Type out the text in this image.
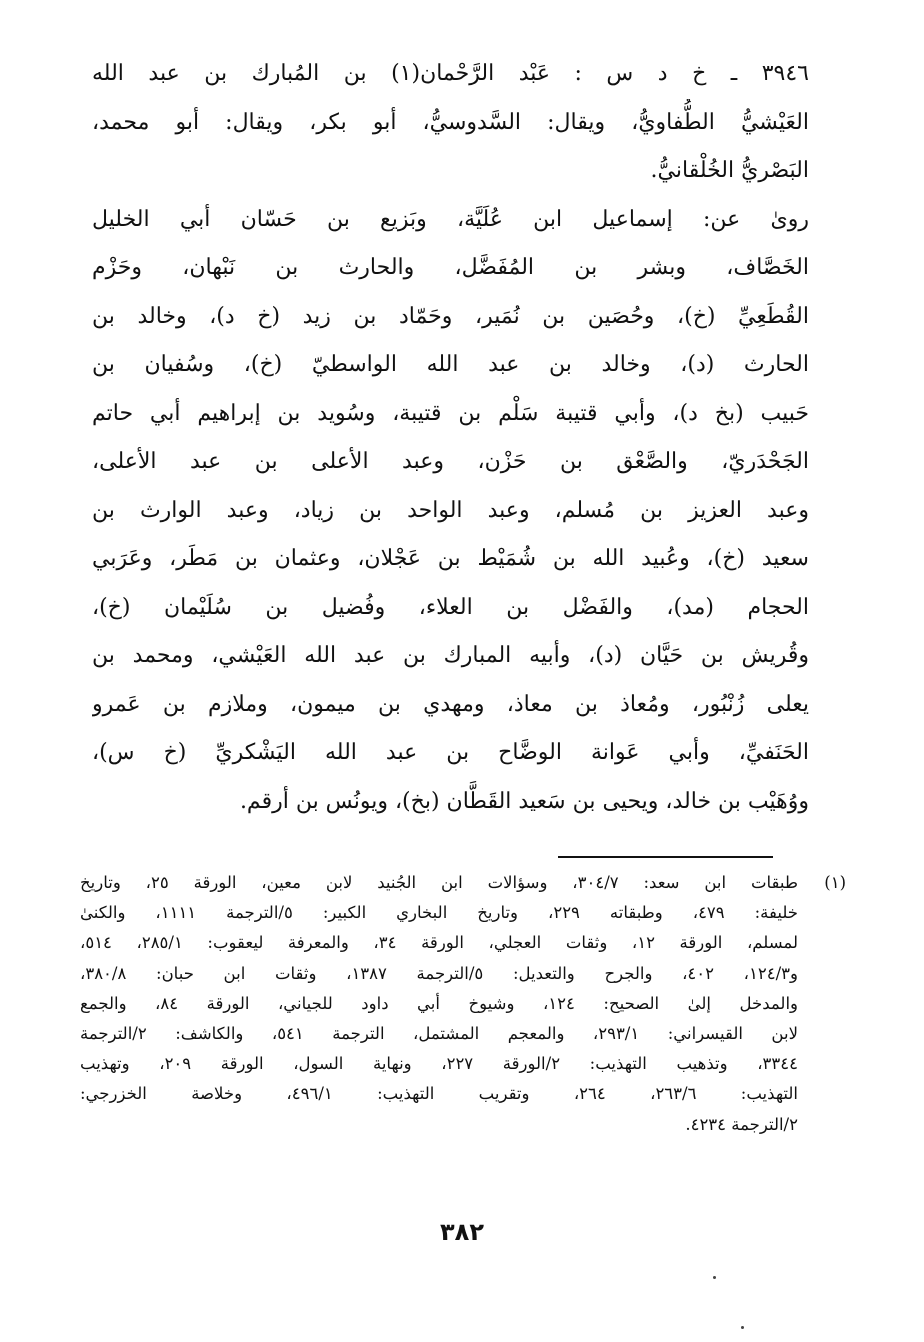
٣٩٤٦ ـ خ د س : عَبْد الرَّحْمان(١) بن المُبارك بن عبد الله
العَيْشيُّ الطُّفاويُّ، ويقال: السَّدوسيُّ، أبو بكر، ويقال: أبو محمد،
البَصْريُّ الخُلْقانيُّ.
روىٰ عن: إسماعيل ابن عُلَيَّة، وبَزيع بن حَسّان أبي الخليل
الخَصَّاف، وبشر بن المُفَضَّل، والحارث بن نَبْهان، وحَزْم
القُطَعِيِّ (خ)، وحُصَين بن نُمَير، وحَمّاد بن زيد (خ د)، وخالد بن
الحارث (د)، وخالد بن عبد الله الواسطيّ (خ)، وسُفيان بن
حَبيب (بخ د)، وأبي قتيبة سَلْم بن قتيبة، وسُويد بن إبراهيم أبي حاتم
الجَحْدَريّ، والصَّعْق بن حَزْن، وعبد الأعلى بن عبد الأعلى،
وعبد العزيز بن مُسلم، وعبد الواحد بن زياد، وعبد الوارث بن
سعيد (خ)، وعُبيد الله بن شُمَيْط بن عَجْلان، وعثمان بن مَطَر، وعَرَبي
الحجام (مد)، والفَضْل بن العلاء، وفُضيل بن سُلَيْمان (خ)،
وقُريش بن حَيَّان (د)، وأبيه المبارك بن عبد الله العَيْشي، ومحمد بن
يعلى زُنْبُور، ومُعاذ بن معاذ، ومهدي بن ميمون، وملازم بن عَمرو
الحَنَفيِّ، وأبي عَوانة الوضَّاح بن عبد الله اليَشْكريِّ (خ س)،
ووُهَيْب بن خالد، ويحيى بن سَعيد القَطَّان (بخ)، ويونُس بن أرقم.
(١)
طبقات ابن سعد: ٣٠٤/٧، وسؤالات ابن الجُنيد لابن معين، الورقة ٢٥، وتاريخ
خليفة: ٤٧٩، وطبقاته ٢٢٩، وتاريخ البخاري الكبير: ٥/الترجمة ١١١١، والكنىٰ
لمسلم، الورقة ١٢، وثقات العجلي، الورقة ٣٤، والمعرفة ليعقوب: ٢٨٥/١، ٥١٤،
و١٢٤/٣، ٤٠٢، والجرح والتعديل: ٥/الترجمة ١٣٨٧، وثقات ابن حبان: ٣٨٠/٨،
والمدخل إلىٰ الصحيح: ١٢٤، وشيوخ أبي داود للجياني، الورقة ٨٤، والجمع
لابن القيسراني: ٢٩٣/١، والمعجم المشتمل، الترجمة ٥٤١، والكاشف: ٢/الترجمة
٣٣٤٤، وتذهيب التهذيب: ٢/الورقة ٢٢٧، ونهاية السول، الورقة ٢٠٩، وتهذيب
التهذيب: ٢٦٣/٦، ٢٦٤، وتقريب التهذيب: ٤٩٦/١، وخلاصة الخزرجي:
٢/الترجمة ٤٢٣٤.
٣٨٢
